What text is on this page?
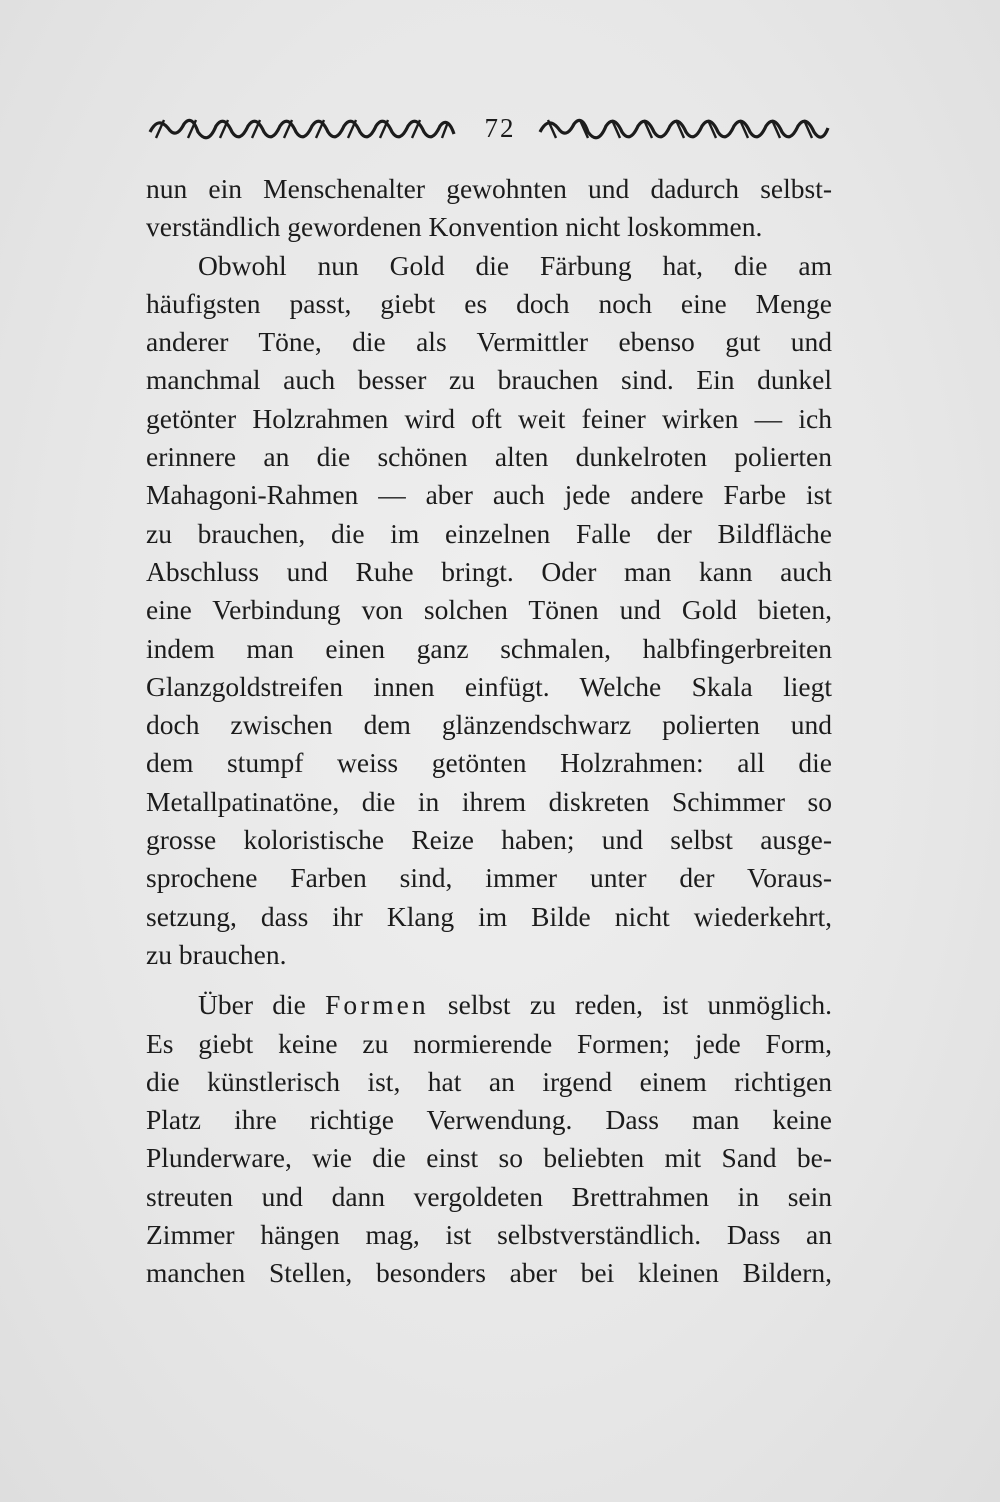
72
nun ein Menschenalter gewohnten und dadurch selbst-
verständlich gewordenen Konvention nicht loskommen.
Obwohl nun Gold die Färbung hat, die am
häufigsten passt, giebt es doch noch eine Menge
anderer Töne, die als Vermittler ebenso gut und
manchmal auch besser zu brauchen sind. Ein dunkel
getönter Holzrahmen wird oft weit feiner wirken — ich
erinnere an die schönen alten dunkelroten polierten
Mahagoni-Rahmen — aber auch jede andere Farbe ist
zu brauchen, die im einzelnen Falle der Bildfläche
Abschluss und Ruhe bringt. Oder man kann auch
eine Verbindung von solchen Tönen und Gold bieten,
indem man einen ganz schmalen, halbfingerbreiten
Glanzgoldstreifen innen einfügt. Welche Skala liegt
doch zwischen dem glänzendschwarz polierten und
dem stumpf weiss getönten Holzrahmen: all die
Metallpatinatöne, die in ihrem diskreten Schimmer so
grosse koloristische Reize haben; und selbst ausge-
sprochene Farben sind, immer unter der Voraus-
setzung, dass ihr Klang im Bilde nicht wiederkehrt,
zu brauchen.
Über die Formen selbst zu reden, ist unmöglich.
Es giebt keine zu normierende Formen; jede Form,
die künstlerisch ist, hat an irgend einem richtigen
Platz ihre richtige Verwendung. Dass man keine
Plunderware, wie die einst so beliebten mit Sand be-
streuten und dann vergoldeten Brettrahmen in sein
Zimmer hängen mag, ist selbstverständlich. Dass an
manchen Stellen, besonders aber bei kleinen Bildern,
